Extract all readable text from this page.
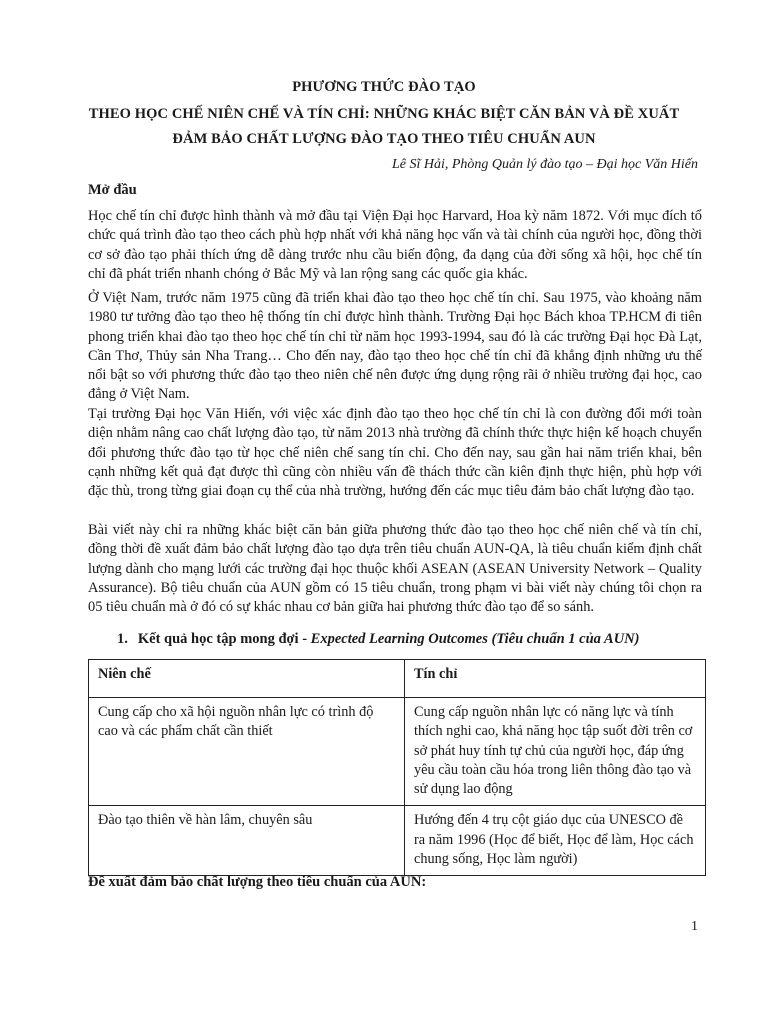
PHƯƠNG THỨC ĐÀO TẠO
THEO HỌC CHẾ NIÊN CHẾ VÀ TÍN CHỈ: NHỮNG KHÁC BIỆT CĂN BẢN VÀ ĐỀ XUẤT
ĐẢM BẢO CHẤT LƯỢNG ĐÀO TẠO THEO TIÊU CHUẨN AUN
Lê Sĩ Hải, Phòng Quản lý đào tạo – Đại học Văn Hiến
Mở đầu

Học chế tín chỉ được hình thành và mở đầu tại Viện Đại học Harvard, Hoa kỳ năm 1872. Với mục đích tổ chức quá trình đào tạo theo cách phù hợp nhất với khả năng học vấn và tài chính của người học, đồng thời cơ sở đào tạo phải thích ứng dễ dàng trước nhu cầu biến động, đa dạng của đời sống xã hội, học chế tín chỉ đã phát triển nhanh chóng ở Bắc Mỹ và lan rộng sang các quốc gia khác.

Ở Việt Nam, trước năm 1975 cũng đã triển khai đào tạo theo học chế tín chỉ. Sau 1975, vào khoảng năm 1980 tư tưởng đào tạo theo hệ thống tín chỉ được hình thành. Trường Đại học Bách khoa TP.HCM đi tiên phong triển khai đào tạo theo học chế tín chỉ từ năm học 1993-1994, sau đó là các trường Đại học Đà Lạt, Cần Thơ, Thủy sản Nha Trang… Cho đến nay, đào tạo theo học chế tín chỉ đã khẳng định những ưu thế nổi bật so với phương thức đào tạo theo niên chế nên được ứng dụng rộng rãi ở nhiều trường đại học, cao đẳng ở Việt Nam.

Tại trường Đại học Văn Hiến, với việc xác định đào tạo theo học chế tín chỉ là con đường đổi mới toàn diện nhằm nâng cao chất lượng đào tạo, từ năm 2013 nhà trường đã chính thức thực hiện kế hoạch chuyển đổi phương thức đào tạo từ học chế niên chế sang tín chỉ. Cho đến nay, sau gần hai năm triển khai, bên cạnh những kết quả đạt được thì cũng còn nhiều vấn đề thách thức cần kiên định thực hiện, phù hợp với đặc thù, trong từng giai đoạn cụ thể của nhà trường, hướng đến các mục tiêu đảm bảo chất lượng đào tạo.

Bài viết này chỉ ra những khác biệt căn bản giữa phương thức đào tạo theo học chế niên chế và tín chỉ, đồng thời đề xuất đảm bảo chất lượng đào tạo dựa trên tiêu chuẩn AUN-QA, là tiêu chuẩn kiểm định chất lượng dành cho mạng lưới các trường đại học thuộc khối ASEAN (ASEAN University Network – Quality Assurance). Bộ tiêu chuẩn của AUN gồm có 15 tiêu chuẩn, trong phạm vi bài viết này chúng tôi chọn ra 05 tiêu chuẩn mà ở đó có sự khác nhau cơ bản giữa hai phương thức đào tạo để so sánh.

1. Kết quả học tập mong đợi - Expected Learning Outcomes (Tiêu chuẩn 1 của AUN)
Niên chế	Tín chỉ
Cung cấp cho xã hội nguồn nhân lực có trình độ cao và các phẩm chất cần thiết	Cung cấp nguồn nhân lực có năng lực và tính thích nghi cao, khả năng học tập suốt đời trên cơ sở phát huy tính tự chủ của người học, đáp ứng yêu cầu toàn cầu hóa trong liên thông đào tạo và sử dụng lao động
Đào tạo thiên về hàn lâm, chuyên sâu	Hướng đến 4 trụ cột giáo dục của UNESCO đề ra năm 1996 (Học để biết, Học để làm, Học cách chung sống, Học làm người)
Đề xuất đảm bảo chất lượng theo tiêu chuẩn của AUN:
1
